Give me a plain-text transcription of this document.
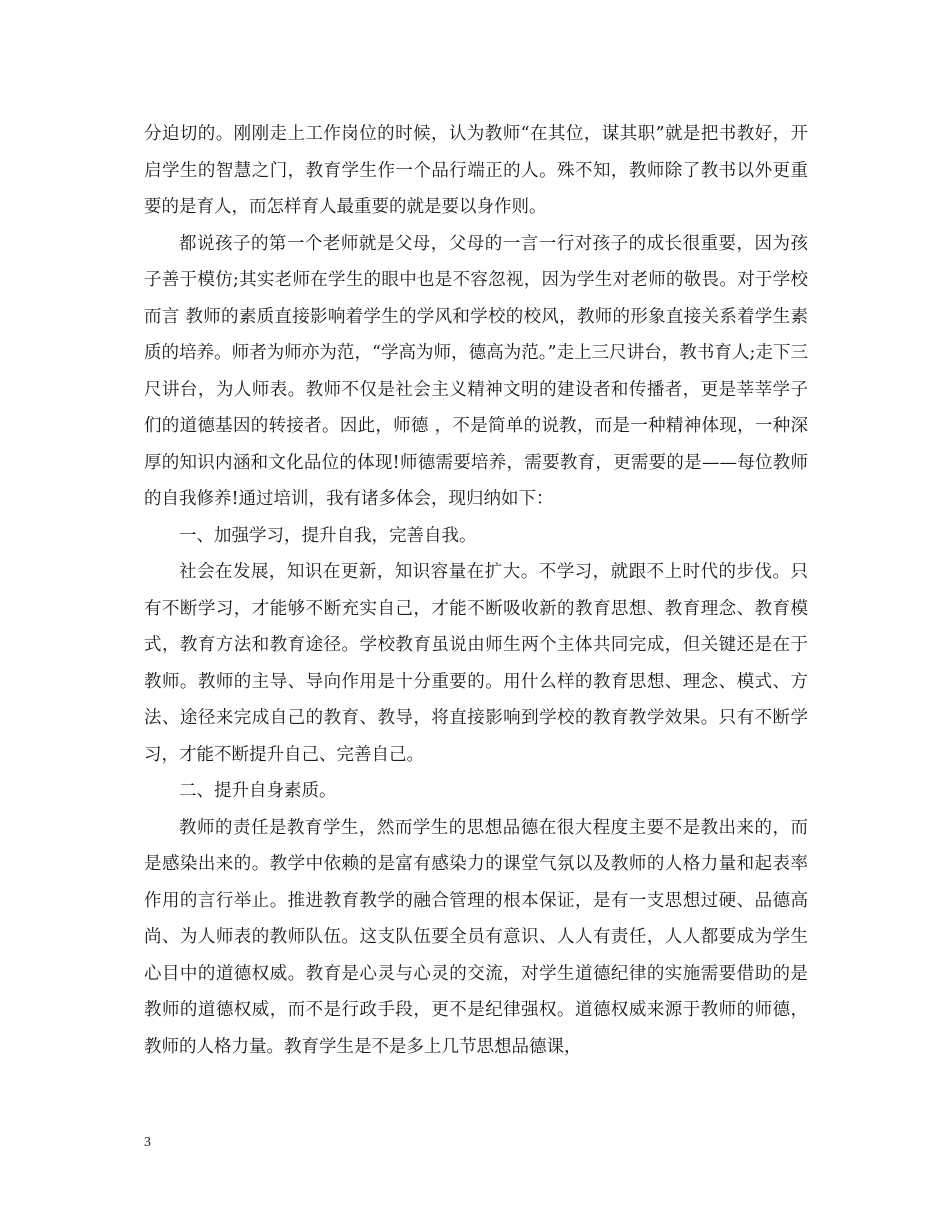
分迫切的。刚刚走上工作岗位的时候，认为教师“在其位，谋其职”就是把书教好，开启学生的智慧之门，教育学生作一个品行端正的人。殊不知，教师除了教书以外更重要的是育人，而怎样育人最重要的就是要以身作则。

都说孩子的第一个老师就是父母，父母的一言一行对孩子的成长很重要，因为孩子善于模仿;其实老师在学生的眼中也是不容忽视，因为学生对老师的敬畏。对于学校而言 教师的素质直接影响着学生的学风和学校的校风，教师的形象直接关系着学生素质的培养。师者为师亦为范，“学高为师，德高为范。”走上三尺讲台，教书育人;走下三尺讲台，为人师表。教师不仅是社会主义精神文明的建设者和传播者，更是莘莘学子们的道德基因的转接者。因此，师德 ，不是简单的说教，而是一种精神体现，一种深厚的知识内涵和文化品位的体现!师德需要培养，需要教育，更需要的是——每位教师的自我修养!通过培训，我有诸多体会，现归纳如下：

一、加强学习，提升自我，完善自我。

社会在发展，知识在更新，知识容量在扩大。不学习，就跟不上时代的步伐。只有不断学习，才能够不断充实自己，才能不断吸收新的教育思想、教育理念、教育模式，教育方法和教育途径。学校教育虽说由师生两个主体共同完成，但关键还是在于教师。教师的主导、导向作用是十分重要的。用什么样的教育思想、理念、模式、方法、途径来完成自己的教育、教导，将直接影响到学校的教育教学效果。只有不断学习，才能不断提升自己、完善自己。

二、提升自身素质。

教师的责任是教育学生，然而学生的思想品德在很大程度主要不是教出来的，而是感染出来的。教学中依赖的是富有感染力的课堂气氛以及教师的人格力量和起表率作用的言行举止。推进教育教学的融合管理的根本保证，是有一支思想过硬、品德高尚、为人师表的教师队伍。这支队伍要全员有意识、人人有责任，人人都要成为学生心目中的道德权威。教育是心灵与心灵的交流，对学生道德纪律的实施需要借助的是教师的道德权威，而不是行政手段，更不是纪律强权。道德权威来源于教师的师德，教师的人格力量。教育学生是不是多上几节思想品德课，

3
